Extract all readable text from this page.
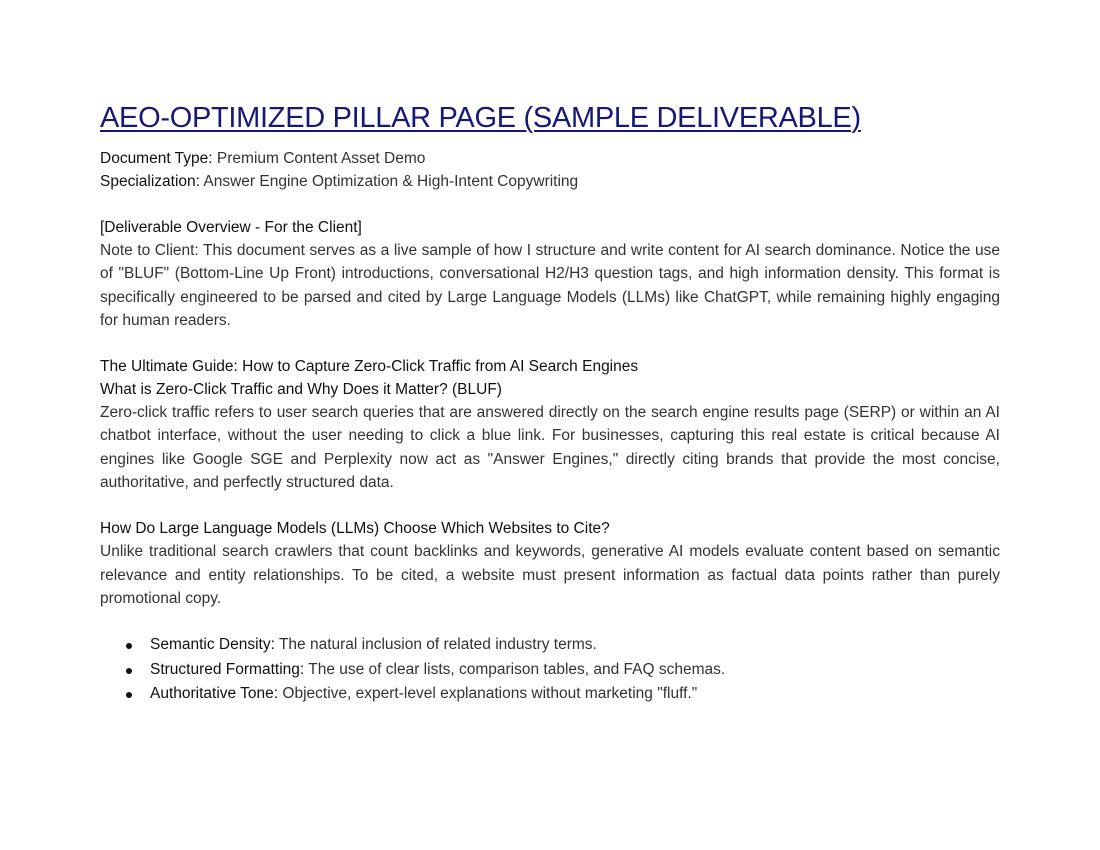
AEO-OPTIMIZED PILLAR PAGE (SAMPLE DELIVERABLE)

Document Type: Premium Content Asset Demo

Specialization: Answer Engine Optimization & High-Intent Copywriting

[Deliverable Overview - For the Client]

Note to Client: This document serves as a live sample of how I structure and write content for AI search dominance. Notice the use of "BLUF" (Bottom-Line Up Front) introductions, conversational H2/H3 question tags, and high information density. This format is specifically engineered to be parsed and cited by Large Language Models (LLMs) like ChatGPT, while remaining highly engaging for human readers.

The Ultimate Guide: How to Capture Zero-Click Traffic from AI Search Engines

What is Zero-Click Traffic and Why Does it Matter? (BLUF)

Zero-click traffic refers to user search queries that are answered directly on the search engine results page (SERP) or within an AI chatbot interface, without the user needing to click a blue link. For businesses, capturing this real estate is critical because AI engines like Google SGE and Perplexity now act as "Answer Engines," directly citing brands that provide the most concise, authoritative, and perfectly structured data.

How Do Large Language Models (LLMs) Choose Which Websites to Cite?

Unlike traditional search crawlers that count backlinks and keywords, generative AI models evaluate content based on semantic relevance and entity relationships. To be cited, a website must present information as factual data points rather than purely promotional copy.

Semantic Density: The natural inclusion of related industry terms.
Structured Formatting: The use of clear lists, comparison tables, and FAQ schemas.
Authoritative Tone: Objective, expert-level explanations without marketing "fluff."
